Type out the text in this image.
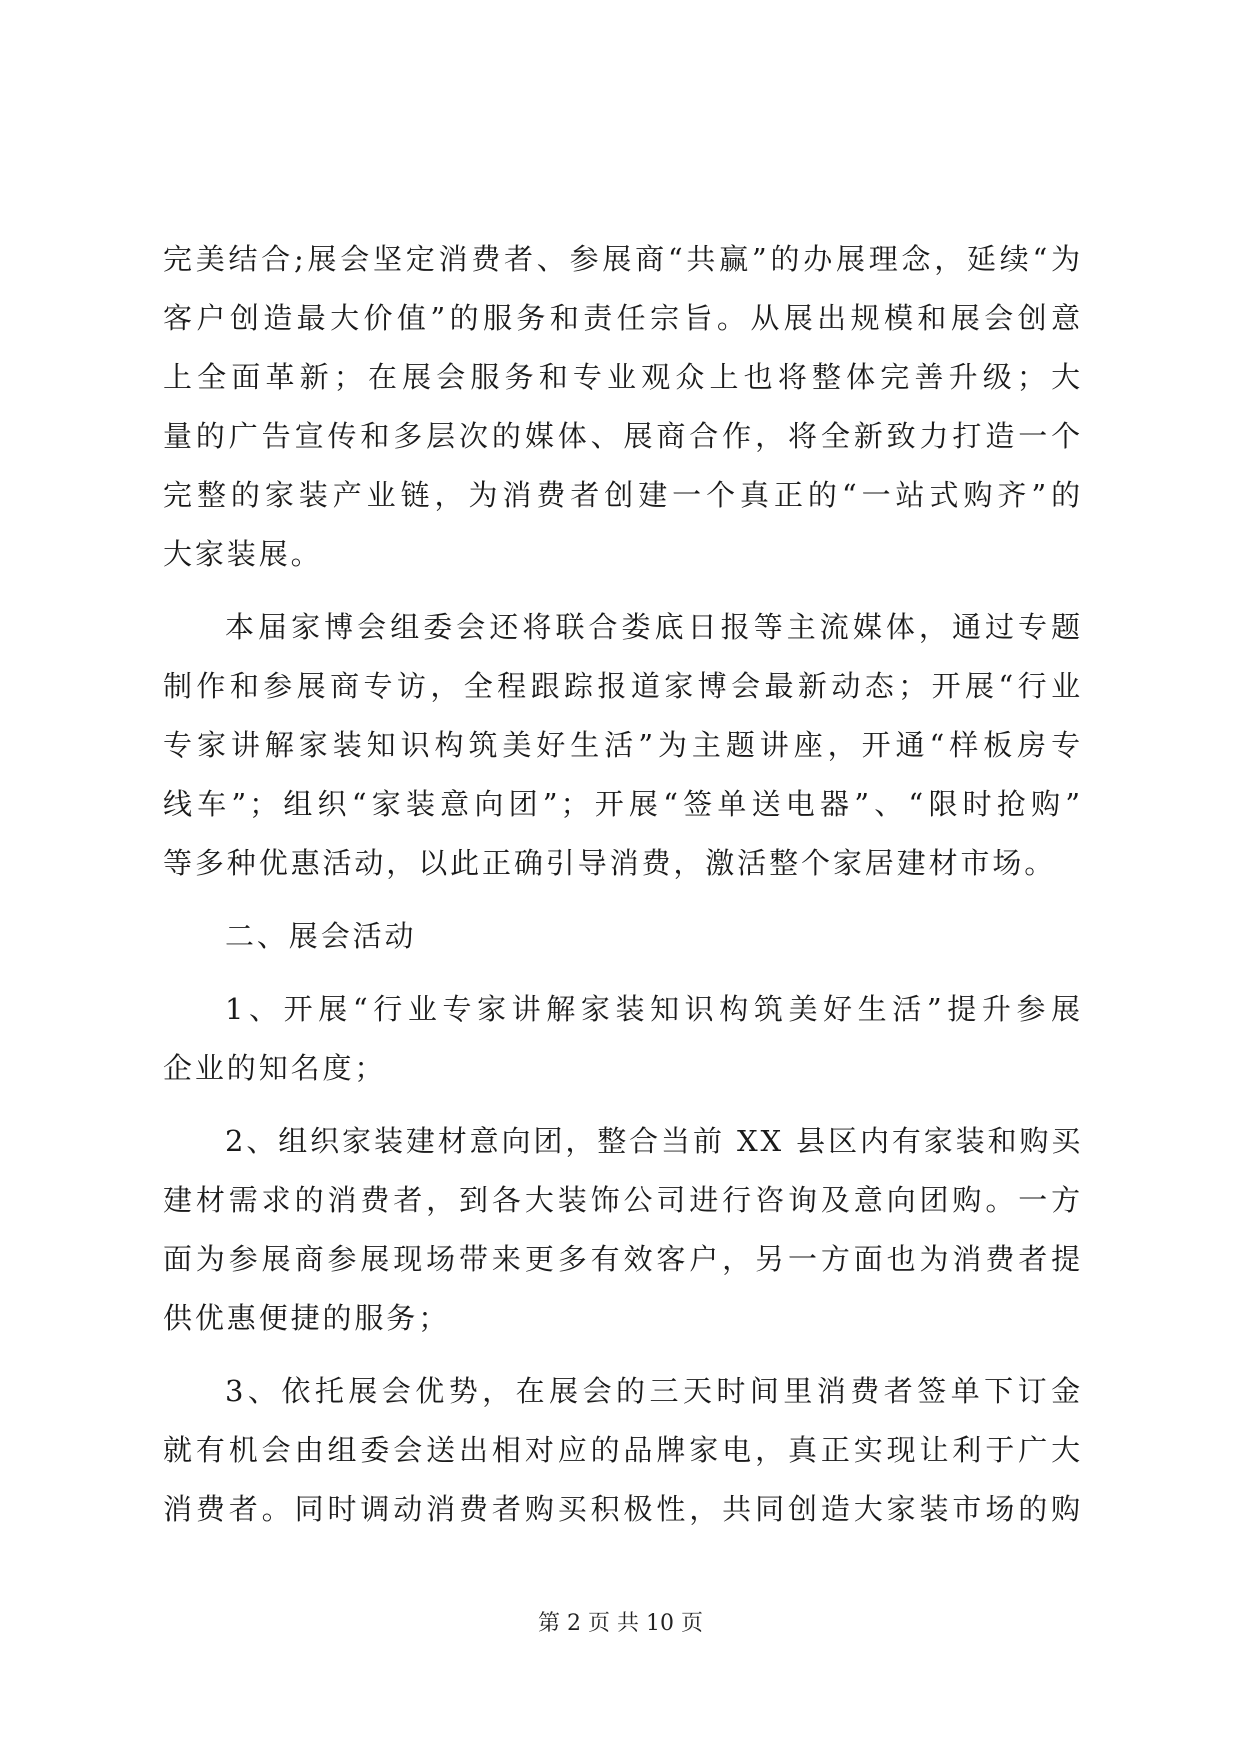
完美结合;展会坚定消费者、参展商“共赢”的办展理念，延续“为
客户创造最大价值”的服务和责任宗旨。从展出规模和展会创意
上全面革新；在展会服务和专业观众上也将整体完善升级；大
量的广告宣传和多层次的媒体、展商合作，将全新致力打造一个
完整的家装产业链，为消费者创建一个真正的“一站式购齐”的
大家装展。
本届家博会组委会还将联合娄底日报等主流媒体，通过专题
制作和参展商专访，全程跟踪报道家博会最新动态；开展“行业
专家讲解家装知识构筑美好生活”为主题讲座，开通“样板房专
线车”；组织“家装意向团”；开展“签单送电器”、“限时抢购”
等多种优惠活动，以此正确引导消费，激活整个家居建材市场。
二、展会活动
1、开展“行业专家讲解家装知识构筑美好生活”提升参展
企业的知名度；
2、组织家装建材意向团，整合当前 XX 县区内有家装和购买
建材需求的消费者，到各大装饰公司进行咨询及意向团购。一方
面为参展商参展现场带来更多有效客户，另一方面也为消费者提
供优惠便捷的服务；
3、依托展会优势，在展会的三天时间里消费者签单下订金
就有机会由组委会送出相对应的品牌家电，真正实现让利于广大
消费者。同时调动消费者购买积极性，共同创造大家装市场的购
第 2 页 共 10 页
